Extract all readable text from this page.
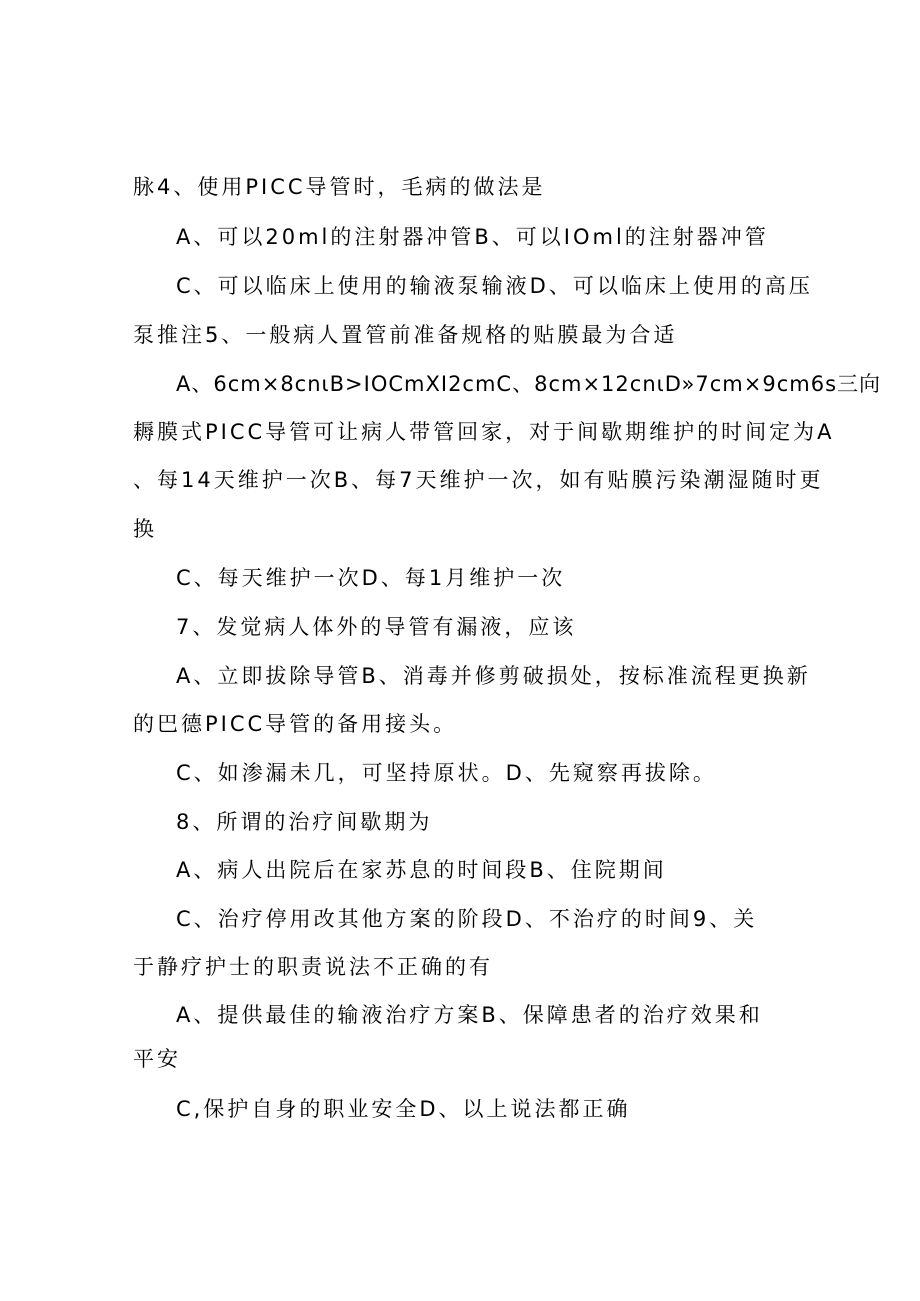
脉4、使用PICC导管时，毛病的做法是
A、可以20ml的注射器冲管B、可以IOml的注射器冲管
C、可以临床上使用的输液泵输液D、可以临床上使用的高压
泵推注5、一般病人置管前准备规格的贴膜最为合适
A、6cm×8cnιB>IOCmXI2cmC、8cm×12cnιD»7cm×9cm6s三向
耨膜式PICC导管可让病人带管回家，对于间歇期维护的时间定为A
、每14天维护一次B、每7天维护一次，如有贴膜污染潮湿随时更
换
C、每天维护一次D、每1月维护一次
7、发觉病人体外的导管有漏液，应该
A、立即拔除导管B、消毒并修剪破损处，按标准流程更换新
的巴德PICC导管的备用接头。
C、如渗漏未几，可坚持原状。D、先窥察再拔除。
8、所谓的治疗间歇期为
A、病人出院后在家苏息的时间段B、住院期间
C、治疗停用改其他方案的阶段D、不治疗的时间9、关
于静疗护士的职责说法不正确的有
A、提供最佳的输液治疗方案B、保障患者的治疗效果和
平安
C,保护自身的职业安全D、以上说法都正确
